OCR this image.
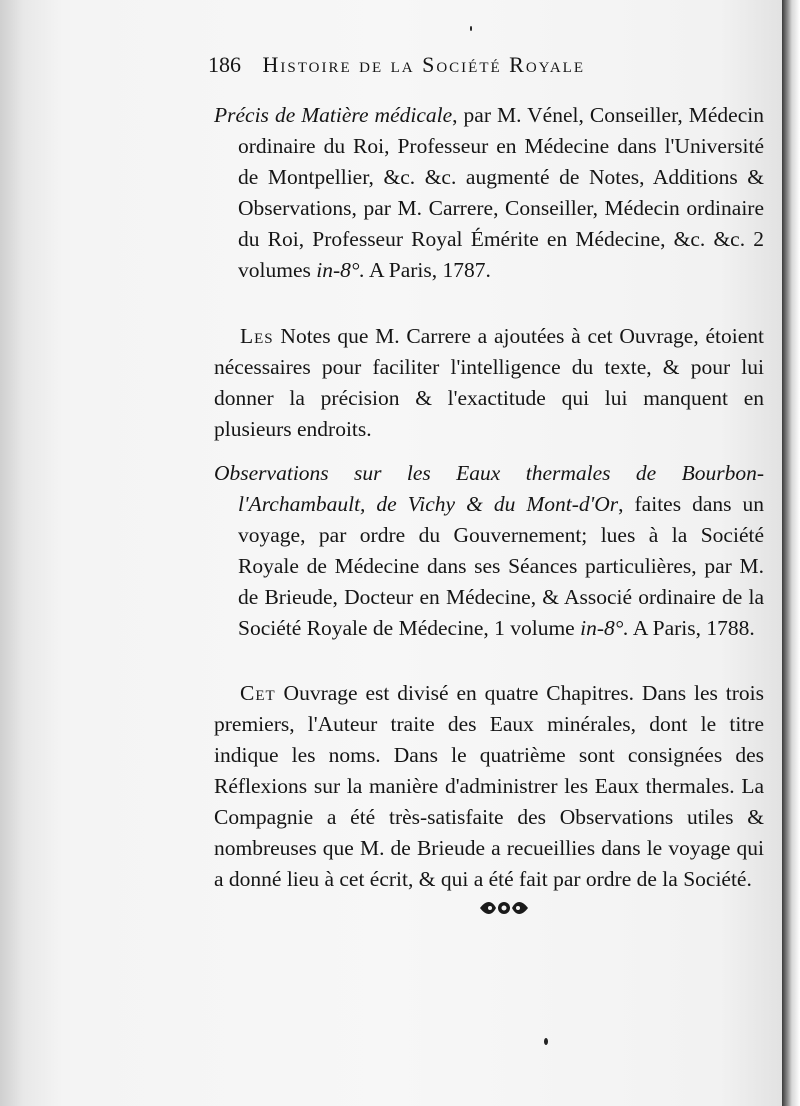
186 Histoire de la Société Royale

Précis de Matière médicale, par M. Vénel, Conseiller, Médecin ordinaire du Roi, Professeur en Médecine dans l'Université de Montpellier, &c. &c. augmenté de Notes, Additions & Observations, par M. Carrere, Conseiller, Médecin ordinaire du Roi, Professeur Royal Émérite en Médecine, &c. &c. 2 volumes in-8°. A Paris, 1787.

Les Notes que M. Carrere a ajoutées à cet Ouvrage, étoient nécessaires pour faciliter l'intelligence du texte, & pour lui donner la précision & l'exactitude qui lui manquent en plusieurs endroits.

Observations sur les Eaux thermales de Bourbon-l'Archambault, de Vichy & du Mont-d'Or, faites dans un voyage, par ordre du Gouvernement; lues à la Société Royale de Médecine dans ses Séances particulières, par M. de Brieude, Docteur en Médecine, & Associé ordinaire de la Société Royale de Médecine, 1 volume in-8°. A Paris, 1788.

Cet Ouvrage est divisé en quatre Chapitres. Dans les trois premiers, l'Auteur traite des Eaux minérales, dont le titre indique les noms. Dans le quatrième sont consignées des Réflexions sur la manière d'administrer les Eaux thermales. La Compagnie a été très-satisfaite des Observations utiles & nombreuses que M. de Brieude a recueillies dans le voyage qui a donné lieu à cet écrit, & qui a été fait par ordre de la Société.
